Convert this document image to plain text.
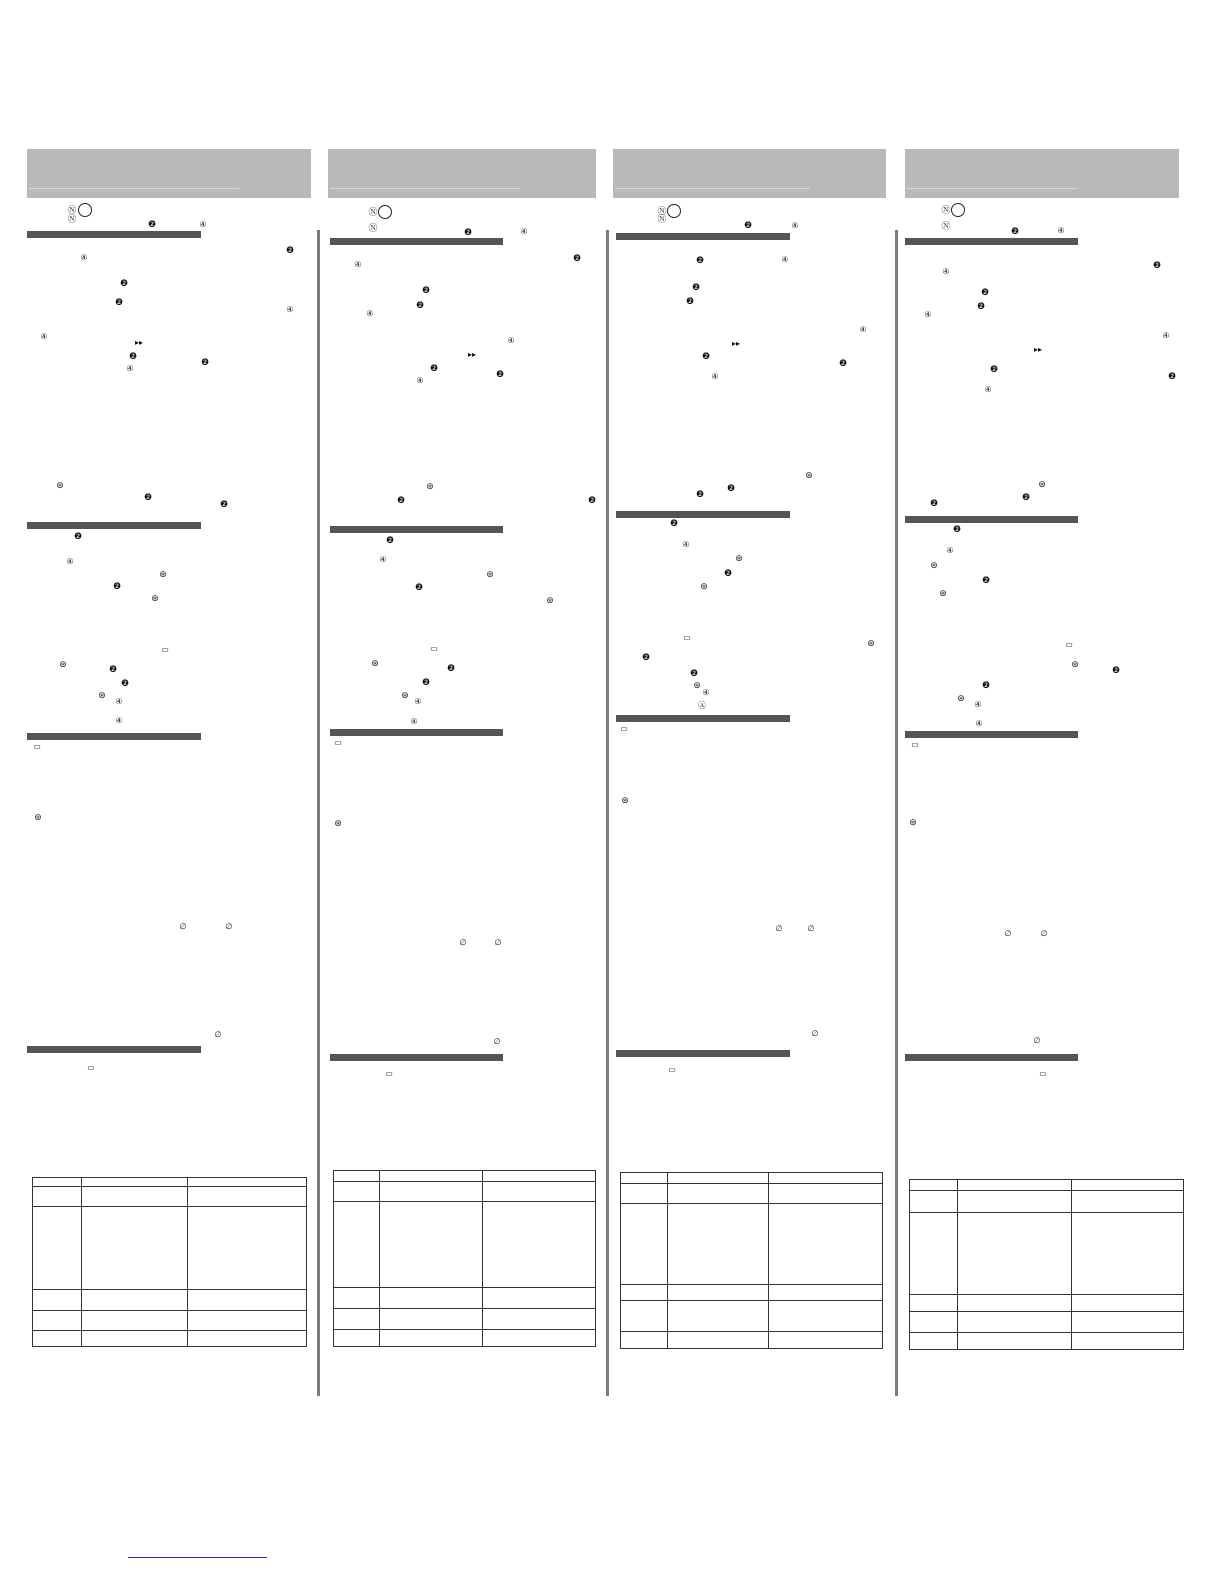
Ⓝ
Ⓝ	❷	④
❷
④
❷
❷
④
④
▸▸
❷
❷
④
⊛
❷
❷
❷
④
⊛
❷
⊛
▭
⊛	❷
❷
⊛
④
④
▭
⊛
∅	∅
∅
▭
Ⓝ
Ⓝ	❷	④
❷
④
❷
❷
④
④
▸▸
❷
❷
④
⊛
❷	❷
❷
④
⊛
❷
⊛
▭
⊛	❷
❷
⊛
④
④
▭
⊛
∅	∅
∅
▭
Ⓝ
Ⓝ
❷	④
❷	④
❷
❷
④
▸▸
❷
❷
④
⊛
❷
❷
❷
④
⊛
❷
⊛
▭
⊛
❷
❷
⊛
④
Ⓐ
▭
⊛
∅	∅
∅
▭
Ⓝ
Ⓝ	❷	④
❷
④
❷
❷
④
④
▸▸
❷
❷
④
⊛
❷
❷
❷
④
⊛
❷
⊛
▭
⊛
❷
❷
⊛
④
④
▭
⊛
∅	∅
∅
▭
